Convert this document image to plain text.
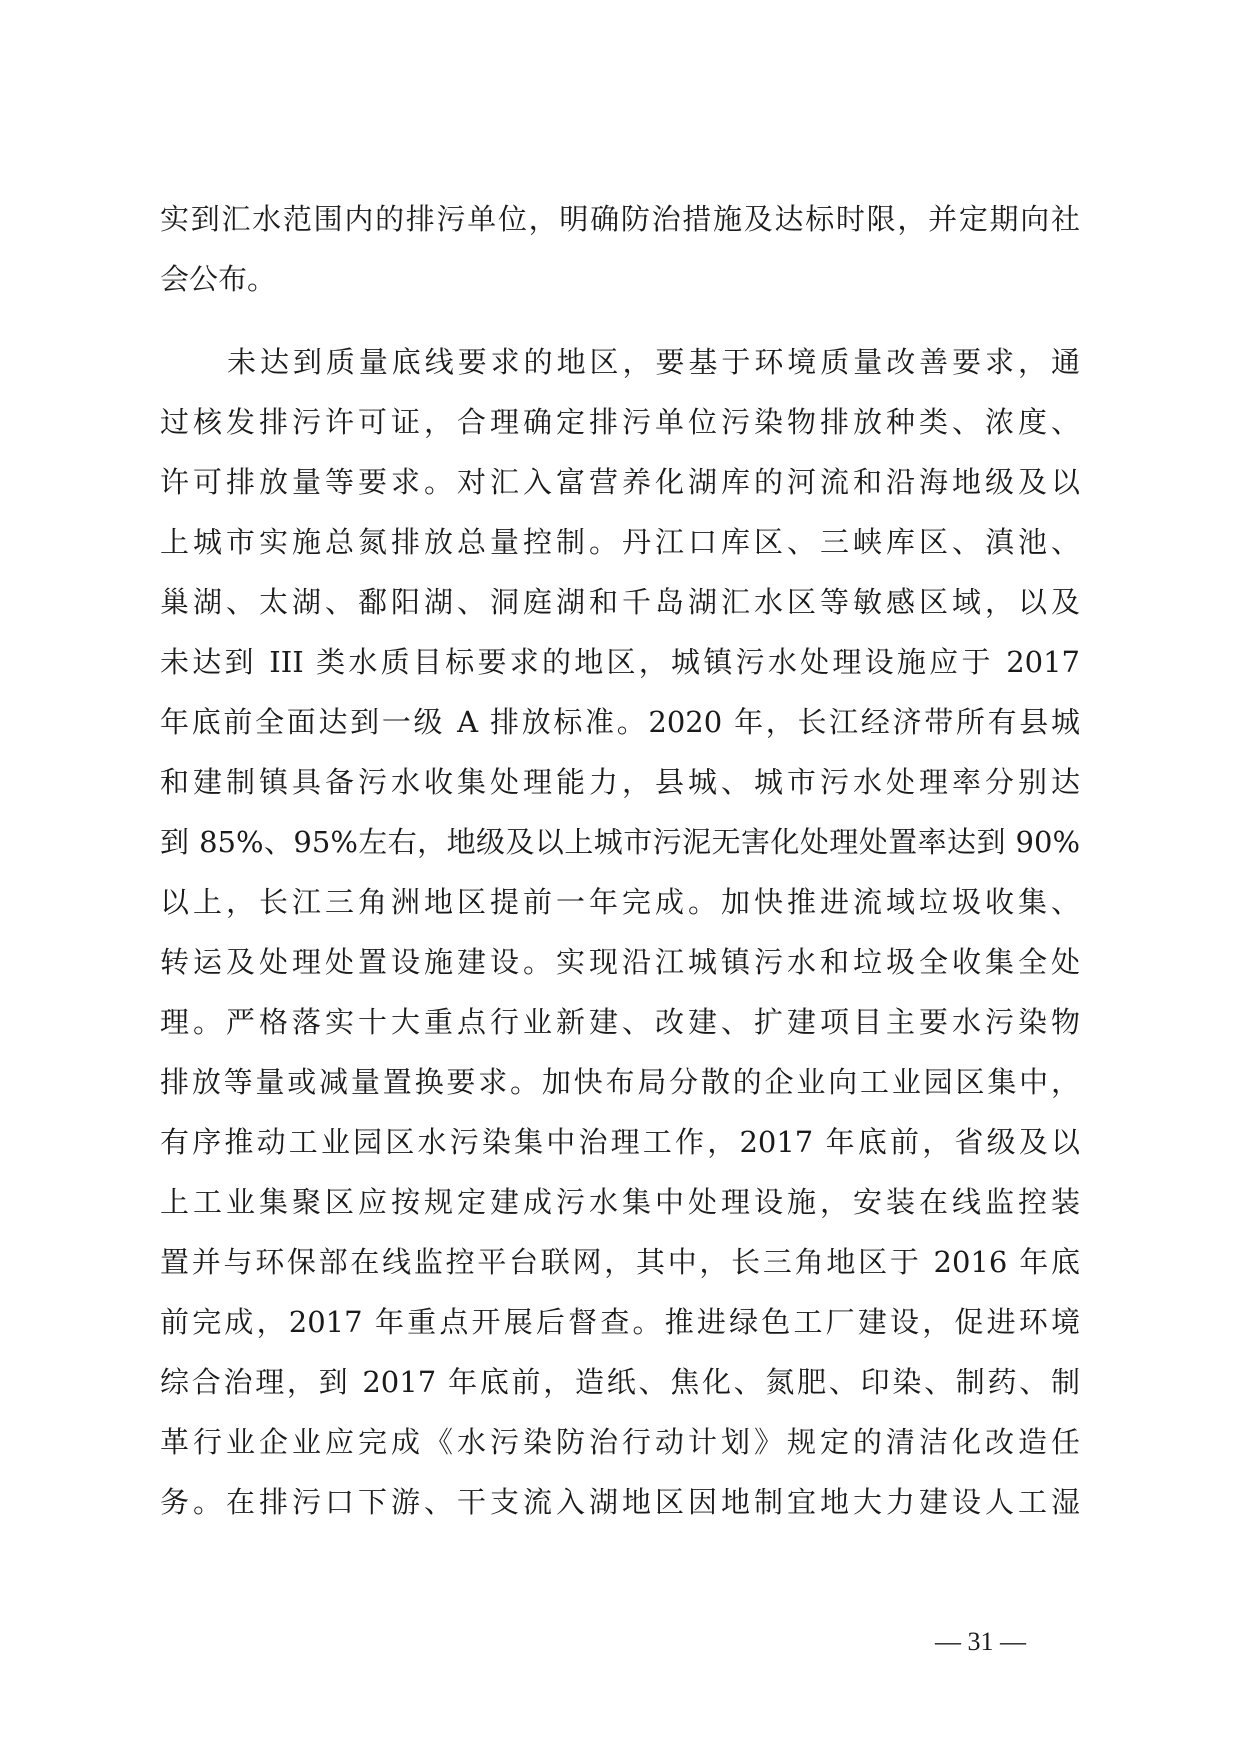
实到汇水范围内的排污单位，明确防治措施及达标时限，并定期向社
会公布。
未达到质量底线要求的地区，要基于环境质量改善要求，通
过核发排污许可证，合理确定排污单位污染物排放种类、浓度、
许可排放量等要求。对汇入富营养化湖库的河流和沿海地级及以
上城市实施总氮排放总量控制。丹江口库区、三峡库区、滇池、
巢湖、太湖、鄱阳湖、洞庭湖和千岛湖汇水区等敏感区域，以及
未达到 III 类水质目标要求的地区，城镇污水处理设施应于 2017
年底前全面达到一级 A 排放标准。2020 年，长江经济带所有县城
和建制镇具备污水收集处理能力，县城、城市污水处理率分别达
到 85%、95%左右，地级及以上城市污泥无害化处理处置率达到 90%
以上，长江三角洲地区提前一年完成。加快推进流域垃圾收集、
转运及处理处置设施建设。实现沿江城镇污水和垃圾全收集全处
理。严格落实十大重点行业新建、改建、扩建项目主要水污染物
排放等量或减量置换要求。加快布局分散的企业向工业园区集中，
有序推动工业园区水污染集中治理工作，2017 年底前，省级及以
上工业集聚区应按规定建成污水集中处理设施，安装在线监控装
置并与环保部在线监控平台联网，其中，长三角地区于 2016 年底
前完成，2017 年重点开展后督查。推进绿色工厂建设，促进环境
综合治理，到 2017 年底前，造纸、焦化、氮肥、印染、制药、制
革行业企业应完成《水污染防治行动计划》规定的清洁化改造任
务。在排污口下游、干支流入湖地区因地制宜地大力建设人工湿
— 31 —
